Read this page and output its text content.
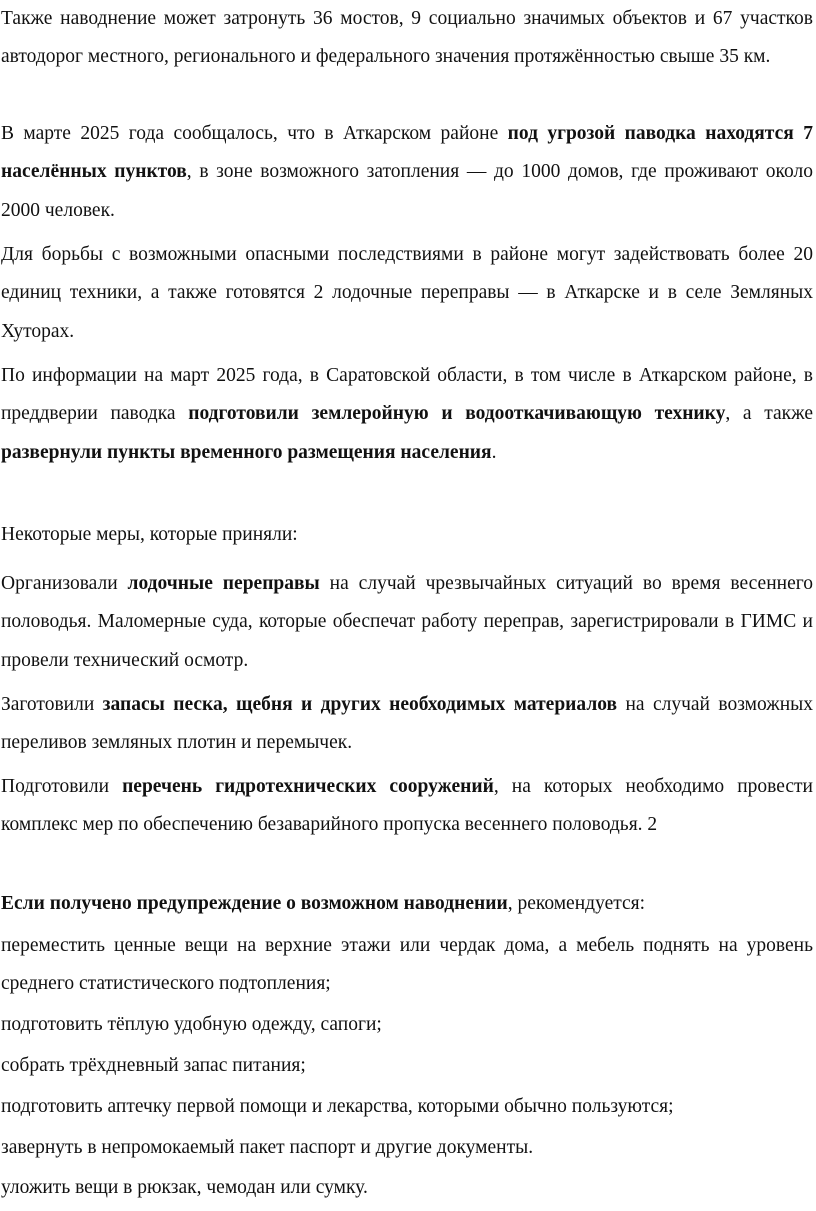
Также наводнение может затронуть 36 мостов, 9 социально значимых объектов и 67 участков автодорог местного, регионального и федерального значения протяжённостью свыше 35 км.

В марте 2025 года сообщалось, что в Аткарском районе под угрозой паводка находятся 7 населённых пунктов, в зоне возможного затопления — до 1000 домов, где проживают около 2000 человек.

Для борьбы с возможными опасными последствиями в районе могут задействовать более 20 единиц техники, а также готовятся 2 лодочные переправы — в Аткарске и в селе Земляных Хуторах.

По информации на март 2025 года, в Саратовской области, в том числе в Аткарском районе, в преддверии паводка подготовили землеройную и водооткачивающую технику, а также развернули пункты временного размещения населения.

Некоторые меры, которые приняли:

Организовали лодочные переправы на случай чрезвычайных ситуаций во время весеннего половодья. Маломерные суда, которые обеспечат работу переправ, зарегистрировали в ГИМС и провели технический осмотр.

Заготовили запасы песка, щебня и других необходимых материалов на случай возможных переливов земляных плотин и перемычек.

Подготовили перечень гидротехнических сооружений, на которых необходимо провести комплекс мер по обеспечению безаварийного пропуска весеннего половодья. 2

Если получено предупреждение о возможном наводнении, рекомендуется:

переместить ценные вещи на верхние этажи или чердак дома, а мебель поднять на уровень среднего статистического подтопления;

подготовить тёплую удобную одежду, сапоги;

собрать трёхдневный запас питания;

подготовить аптечку первой помощи и лекарства, которыми обычно пользуются;

завернуть в непромокаемый пакет паспорт и другие документы.

уложить вещи в рюкзак, чемодан или сумку.
